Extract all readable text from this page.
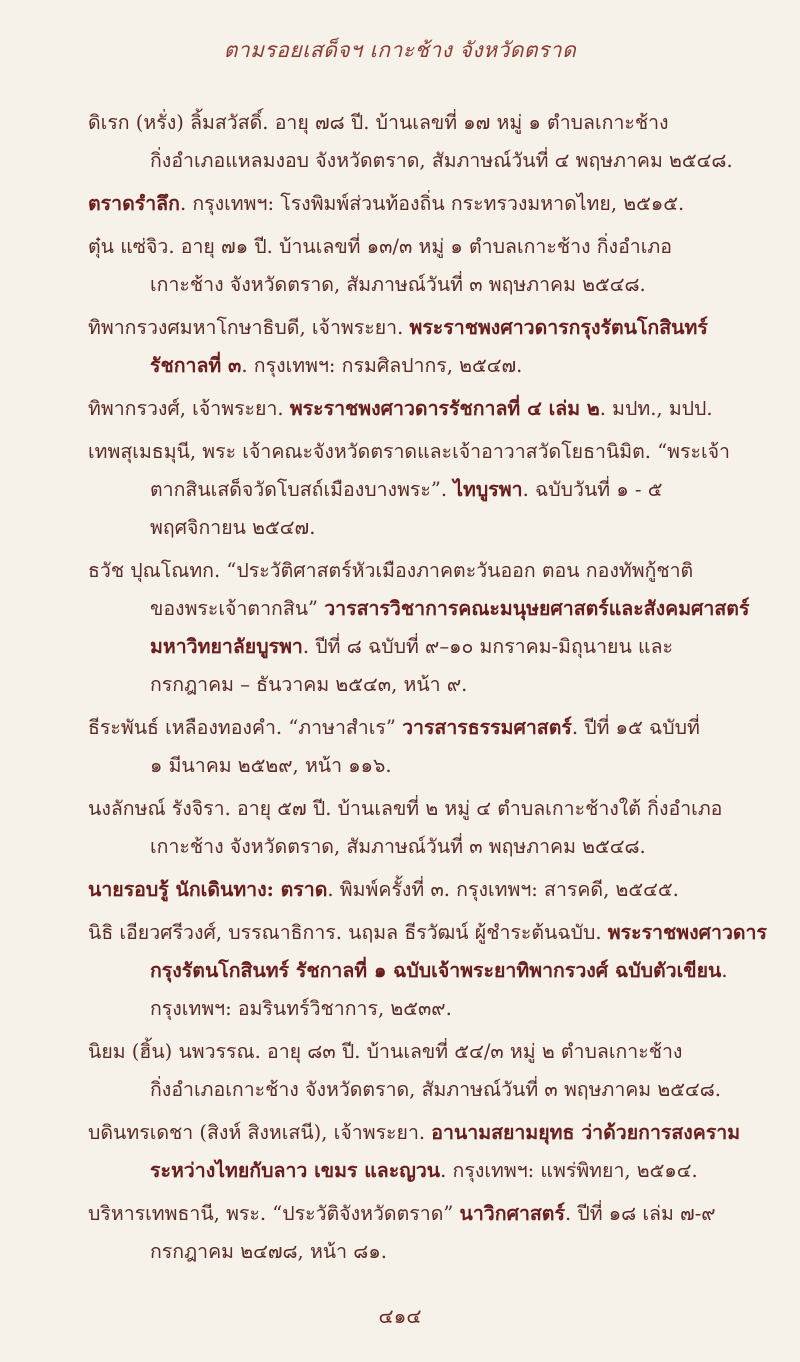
ตามรอยเสด็จฯ เกาะช้าง จังหวัดตราด
ดิเรก (หรั่ง) ลิ้มสวัสดิ์. อายุ ๗๘ ปี. บ้านเลขที่ ๑๗ หมู่ ๑ ตำบลเกาะช้าง
กิ่งอำเภอแหลมงอบ จังหวัดตราด, สัมภาษณ์วันที่ ๔ พฤษภาคม ๒๕๔๘.
ตราดรำลึก. กรุงเทพฯ: โรงพิมพ์ส่วนท้องถิ่น กระทรวงมหาดไทย, ๒๕๑๕.
ตุ๋น แซ่จิว. อายุ ๗๑ ปี. บ้านเลขที่ ๑๓/๓ หมู่ ๑ ตำบลเกาะช้าง กิ่งอำเภอ
เกาะช้าง จังหวัดตราด, สัมภาษณ์วันที่ ๓ พฤษภาคม ๒๕๔๘.
ทิพากรวงศมหาโกษาธิบดี, เจ้าพระยา. พระราชพงศาวดารกรุงรัตนโกสินทร์
รัชกาลที่ ๓. กรุงเทพฯ: กรมศิลปากร, ๒๕๔๗.
ทิพากรวงศ์, เจ้าพระยา. พระราชพงศาวดารรัชกาลที่ ๔ เล่ม ๒. มปท., มปป.
เทพสุเมธมุนี, พระ เจ้าคณะจังหวัดตราดและเจ้าอาวาสวัดโยธานิมิต. “พระเจ้า
ตากสินเสด็จวัดโบสถ์เมืองบางพระ”. ไทบูรพา. ฉบับวันที่ ๑ - ๕
พฤศจิกายน ๒๕๔๗.
ธวัช ปุณโณทก. “ประวัติศาสตร์หัวเมืองภาคตะวันออก ตอน กองทัพกู้ชาติ
ของพระเจ้าตากสิน” วารสารวิชาการคณะมนุษยศาสตร์และสังคมศาสตร์
มหาวิทยาลัยบูรพา. ปีที่ ๘ ฉบับที่ ๙–๑๐ มกราคม-มิถุนายน และ
กรกฎาคม – ธันวาคม ๒๕๔๓, หน้า ๙.
ธีระพันธ์ เหลืองทองคำ. “ภาษาสำเร” วารสารธรรมศาสตร์. ปีที่ ๑๕ ฉบับที่
๑ มีนาคม ๒๕๒๙, หน้า ๑๑๖.
นงลักษณ์ รังจิรา. อายุ ๕๗ ปี. บ้านเลขที่ ๒ หมู่ ๔ ตำบลเกาะช้างใต้ กิ่งอำเภอ
เกาะช้าง จังหวัดตราด, สัมภาษณ์วันที่ ๓ พฤษภาคม ๒๕๔๘.
นายรอบรู้ นักเดินทาง: ตราด. พิมพ์ครั้งที่ ๓. กรุงเทพฯ: สารคดี, ๒๕๔๕.
นิธิ เอียวศรีวงศ์, บรรณาธิการ. นฤมล ธีรวัฒน์ ผู้ชำระต้นฉบับ. พระราชพงศาวดาร
กรุงรัตนโกสินทร์ รัชกาลที่ ๑ ฉบับเจ้าพระยาทิพากรวงศ์ ฉบับตัวเขียน.
กรุงเทพฯ: อมรินทร์วิชาการ, ๒๕๓๙.
นิยม (ฮิ้น) นพวรรณ. อายุ ๘๓ ปี. บ้านเลขที่ ๕๔/๓ หมู่ ๒ ตำบลเกาะช้าง
กิ่งอำเภอเกาะช้าง จังหวัดตราด, สัมภาษณ์วันที่ ๓ พฤษภาคม ๒๕๔๘.
บดินทรเดชา (สิงห์ สิงหเสนี), เจ้าพระยา. อานามสยามยุทธ ว่าด้วยการสงคราม
ระหว่างไทยกับลาว เขมร และญวน. กรุงเทพฯ: แพร่พิทยา, ๒๕๑๔.
บริหารเทพธานี, พระ. “ประวัติจังหวัดตราด” นาวิกศาสตร์. ปีที่ ๑๘ เล่ม ๗-๙
กรกฎาคม ๒๔๗๘, หน้า ๘๑.
๔๑๔
